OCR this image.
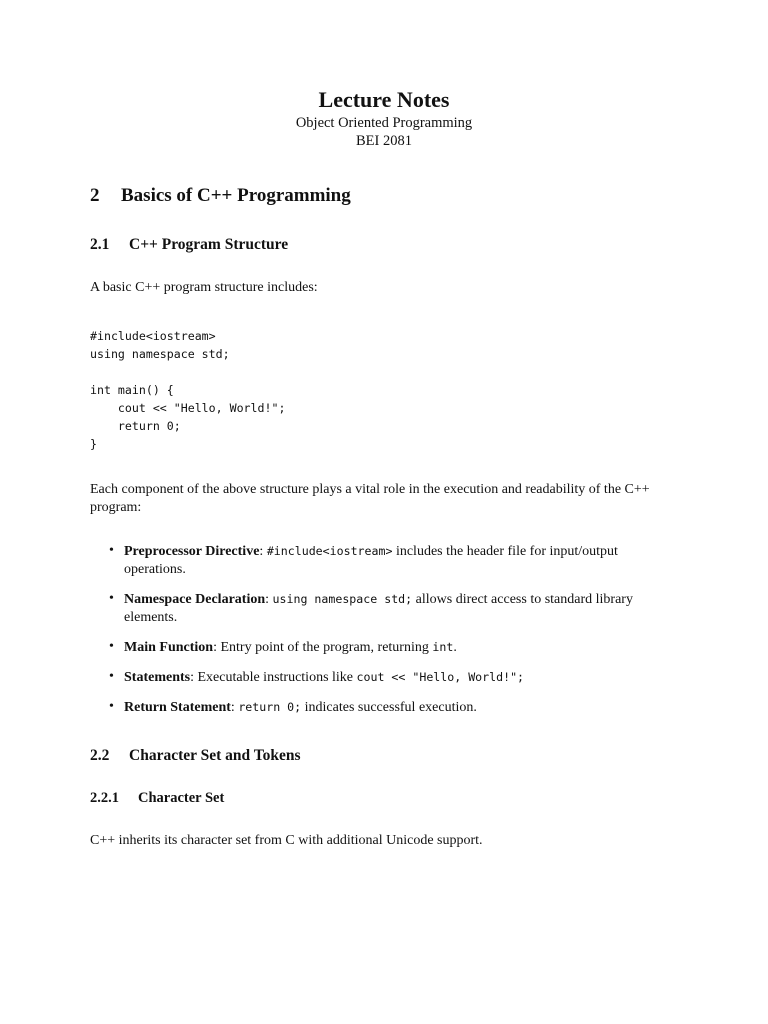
Lecture Notes
Object Oriented Programming
BEI 2081
2 Basics of C++ Programming
2.1 C++ Program Structure
A basic C++ program structure includes:
#include<iostream>
using namespace std;

int main() {
cout << "Hello, World!";
return 0;
}
Each component of the above structure plays a vital role in the execution and readability of the C++ program:
• Preprocessor Directive: #include<iostream> includes the header file for input/output operations.
• Namespace Declaration: using namespace std; allows direct access to standard library elements.
• Main Function: Entry point of the program, returning int.
• Statements: Executable instructions like cout << "Hello, World!";
• Return Statement: return 0; indicates successful execution.
2.2 Character Set and Tokens
2.2.1 Character Set
C++ inherits its character set from C with additional Unicode support.
